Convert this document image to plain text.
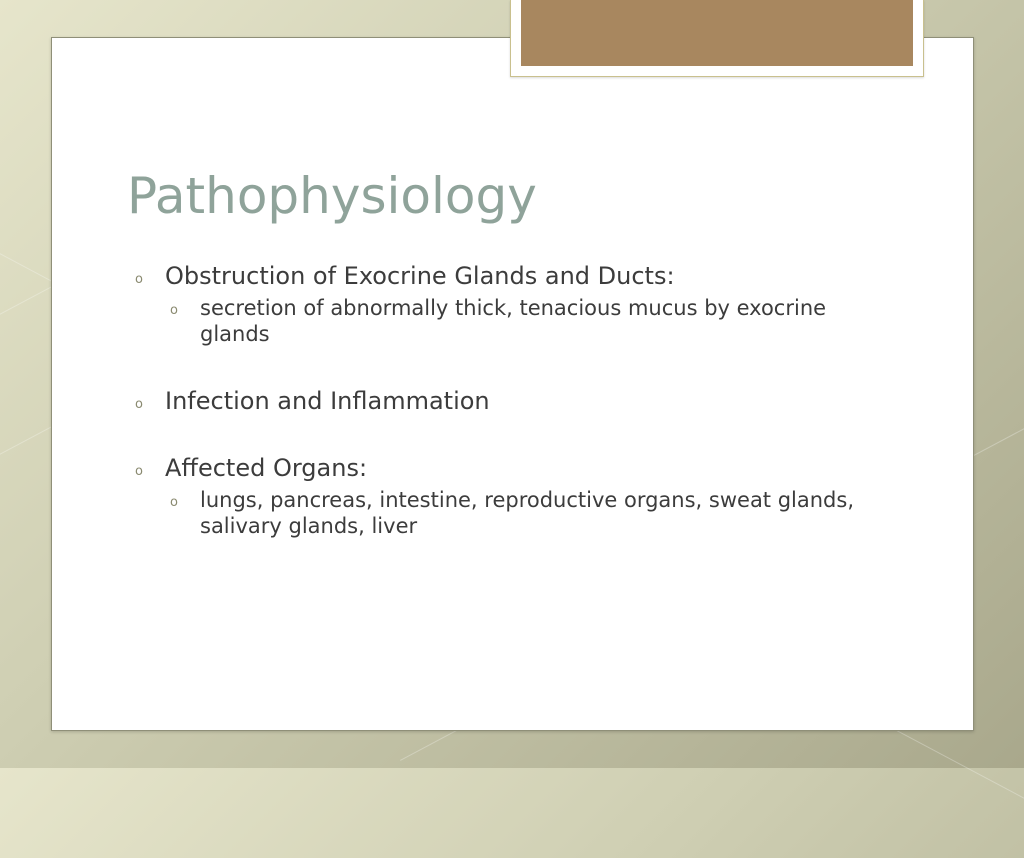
Pathophysiology
o Obstruction of Exocrine Glands and Ducts:
o secretion of abnormally thick, tenacious mucus by exocrine glands
o Infection and Inflammation
o Affected Organs:
o lungs, pancreas, intestine, reproductive organs, sweat glands, salivary glands, liver
